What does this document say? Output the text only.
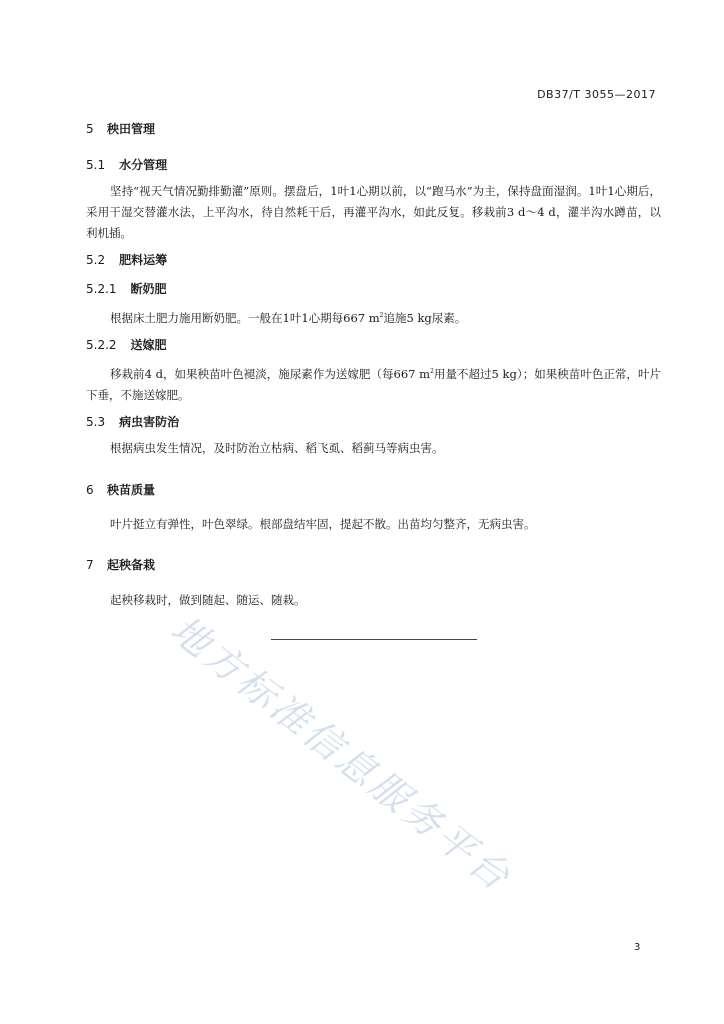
DB37/T 3055—2017
5 秧田管理
5.1 水分管理
坚持“视天气情况勤排勤灌”原则。摆盘后，1叶1心期以前，以“跑马水”为主，保持盘面湿润。1叶1心期后，采用干湿交替灌水法，上平沟水，待自然耗干后，再灌平沟水，如此反复。移栽前3 d～4 d，灌半沟水蹲苗，以利机插。
5.2 肥料运筹
5.2.1 断奶肥
根据床土肥力施用断奶肥。一般在1叶1心期每667 $m^2$追施5 kg尿素。
5.2.2 送嫁肥
移栽前4 d，如果秧苗叶色褪淡，施尿素作为送嫁肥（每667 $m^2$用量不超过5 kg）；如果秧苗叶色正常，叶片下垂，不施送嫁肥。
5.3 病虫害防治
根据病虫发生情况，及时防治立枯病、稻飞虱、稻蓟马等病虫害。
6 秧苗质量
叶片挺立有弹性，叶色翠绿。根部盘结牢固，提起不散。出苗均匀整齐，无病虫害。
7 起秧备栽
起秧移栽时，做到随起、随运、随栽。
地方标准信息服务平台
3
